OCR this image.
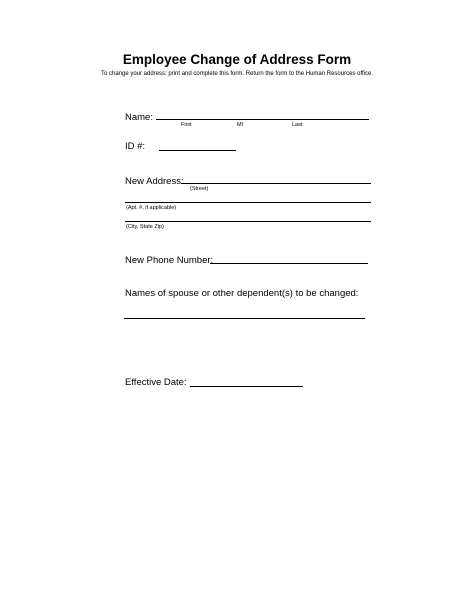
Employee Change of Address Form
To change your address: print and complete this form. Return the form to the Human Resources office.
Name:
First	MI	Last
ID #:
New Address:
(Street)
(Apt. #, if applicable)
(City, State Zip)
New Phone Number:
Names of spouse or other dependent(s) to be changed:
Effective Date:
